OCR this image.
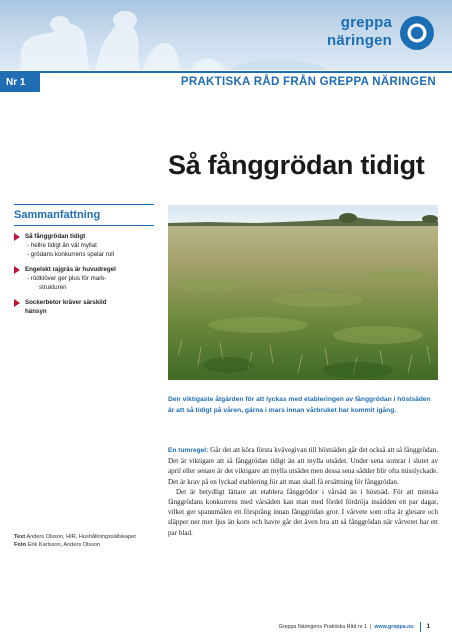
greppa
näringen
Nr 1	PRAKTISKA RÅD FRÅN GREPPA NÄRINGEN
Så fånggrödan tidigt
Sammanfattning
Så fånggrödan tidigt
- hellre tidigt än väl myllat
- grödans konkurrens spelar roll
Engelskt rajgräs är huvudregel
- rödklöver ger plus för mark-
strukturen
Sockerbetor kräver särskild
hänsyn

Den viktigaste åtgärden för att lyckas med etableringen av fånggrödan i höstsäden är att så tidigt på våren, gärna i mars innan vårbruket har kommit igång.

En tumregel: Går det att köra första kvävegivan till höstsäden går det också att så fånggrödan. Det är viktigare att så fånggrödan tidigt än att mylla utsädet. Under sena somrar i slutet av april eller senare är det viktigare att mylla utsädet men dessa sena sådder blir ofta misslyckade. Det är krav på en lyckad etablering för att man skall få ersättning för fånggrödan.

Det är betydligt lättare att etablera fånggrödor i vårsäd än i höstsäd. För att minska fånggrödans konkurrens med vårsäden kan man med fördel fördröja insådden ett par dagar, vilket ger spannmålen ett försprång innan fånggrödan gror. I vårvete som ofta är glesare och släpper ner mer ljus än korn och havre går det även bra att så fånggrödan när vårvetet har ett par blad.

Text Anders Olsson, HIR, Hushållningssällskapet
Foto Erik Karlsson, Anders Olsson
Greppa Näringens Praktiska Råd nr 1 | www.greppa.nu 1
